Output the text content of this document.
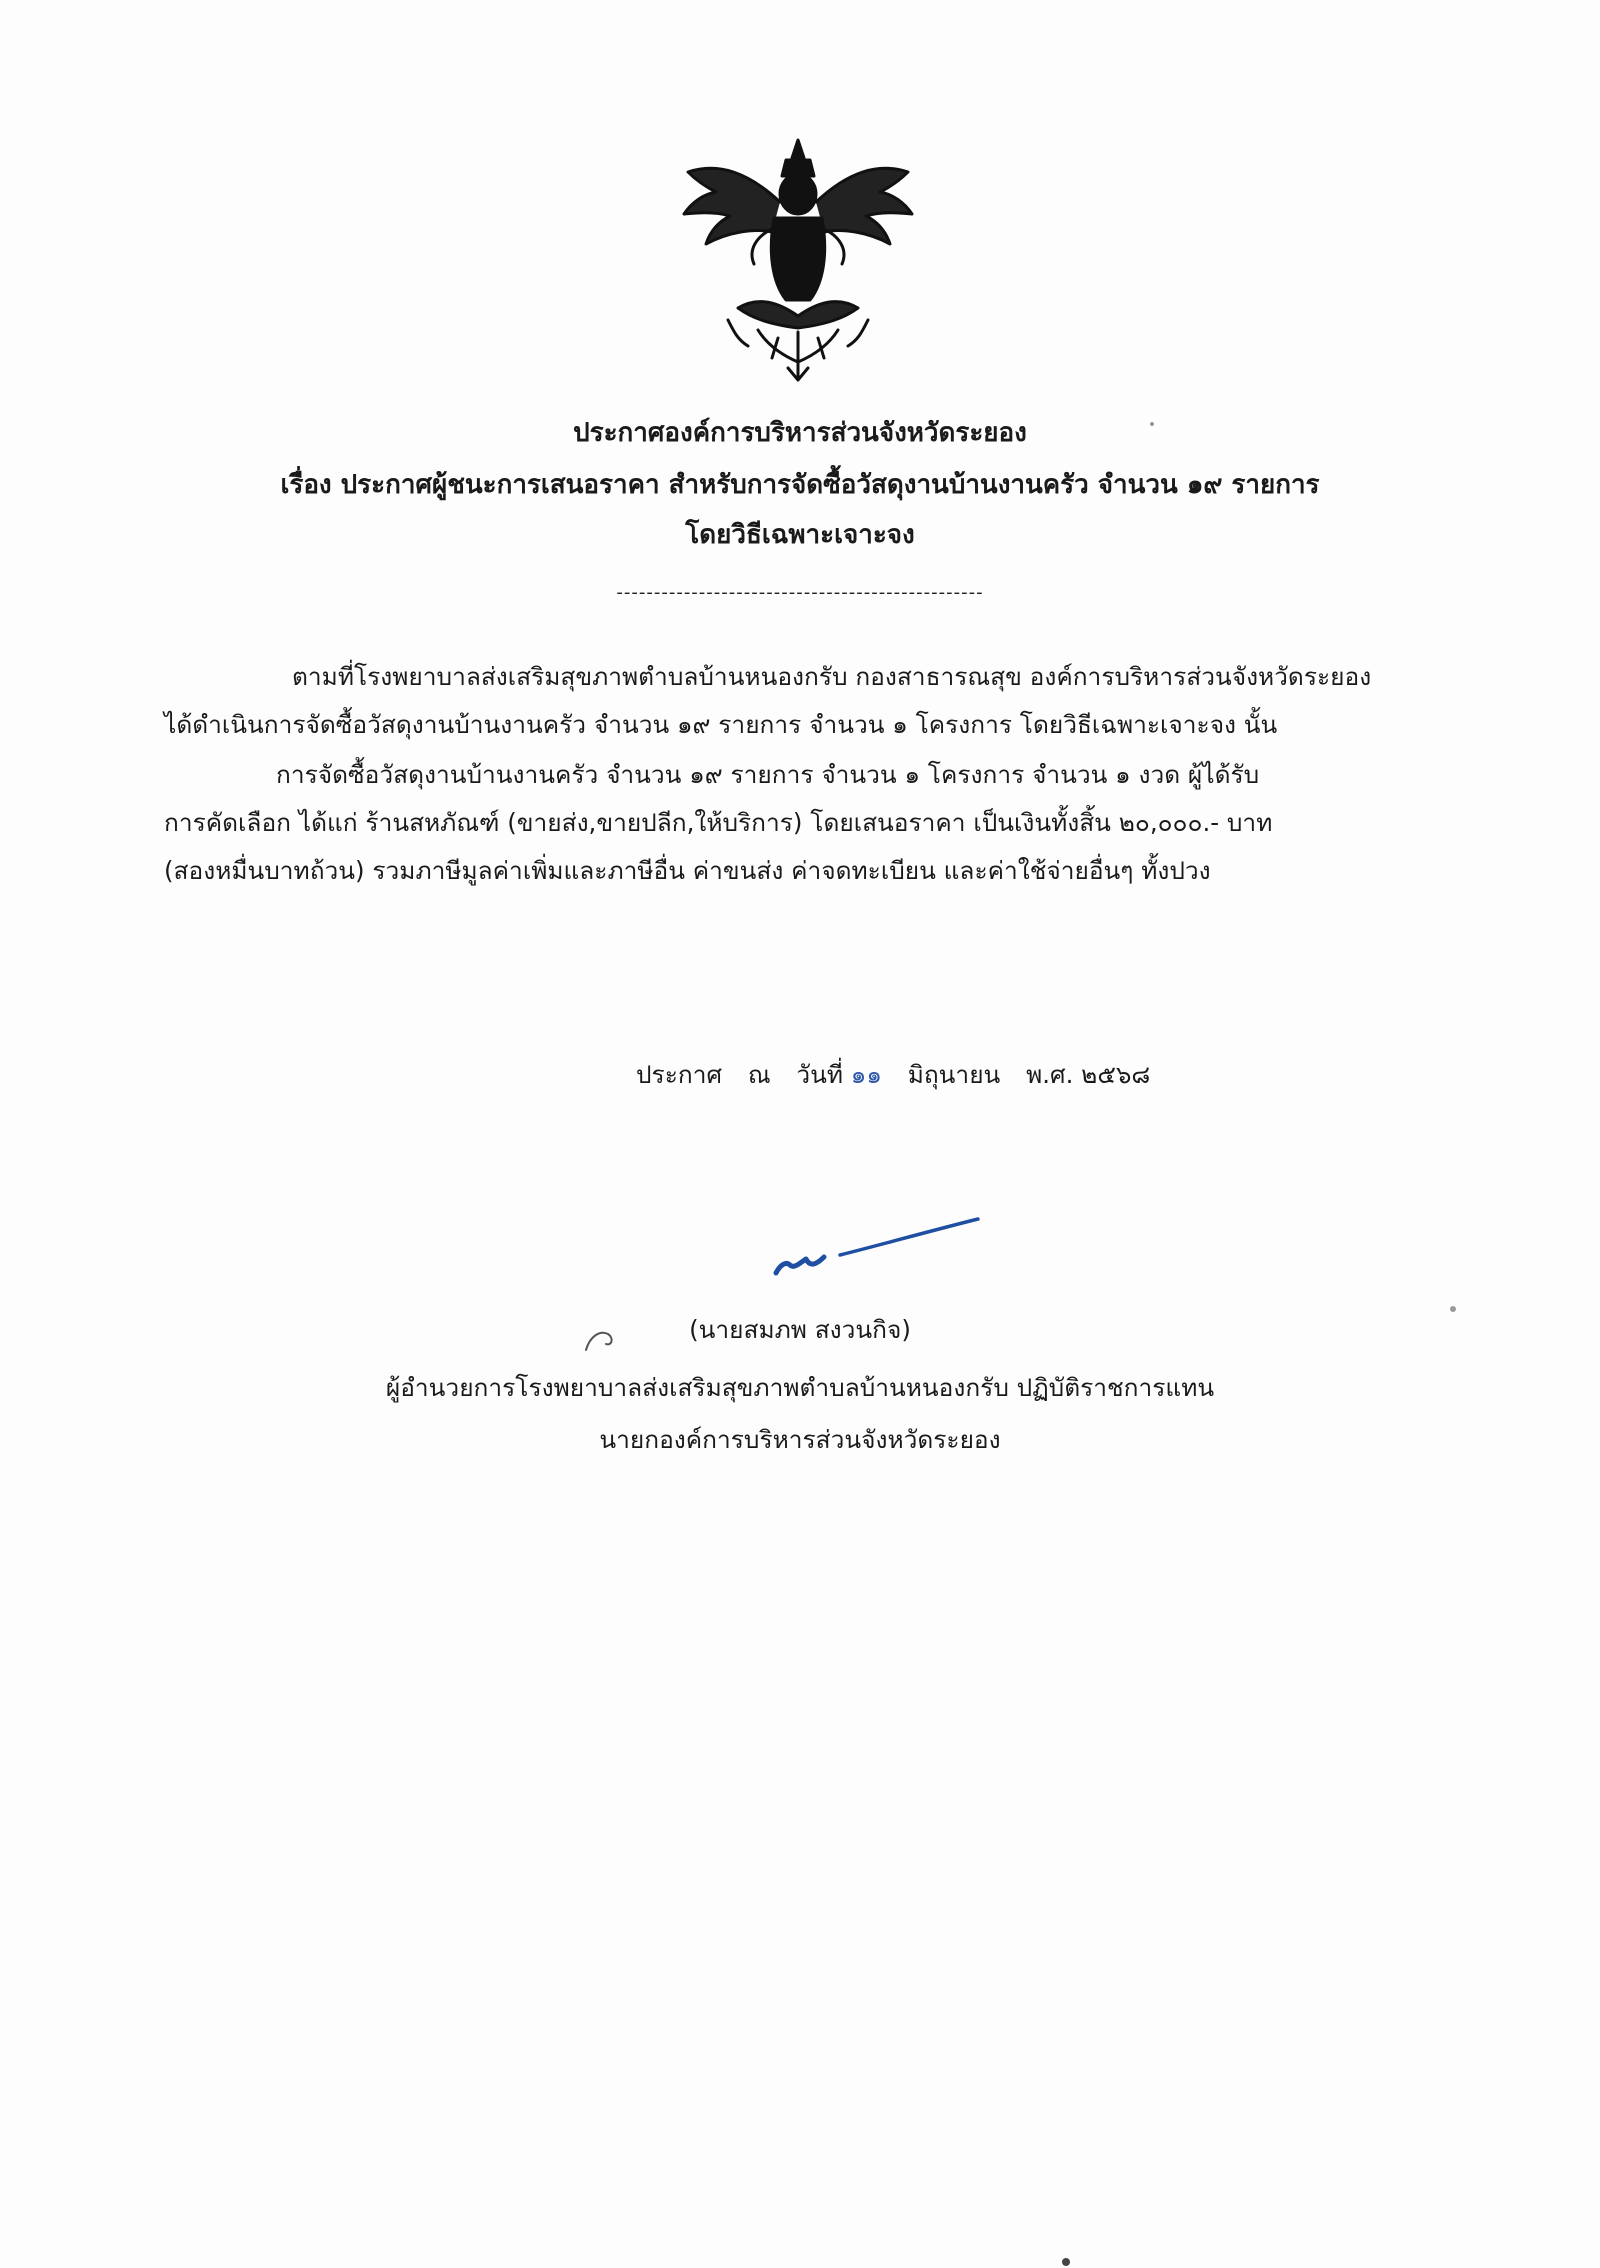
ประกาศองค์การบริหารส่วนจังหวัดระยอง
เรื่อง ประกาศผู้ชนะการเสนอราคา สำหรับการจัดซื้อวัสดุงานบ้านงานครัว จำนวน ๑๙ รายการ
โดยวิธีเฉพาะเจาะจง
-------------------------------------------------
ตามที่โรงพยาบาลส่งเสริมสุขภาพตำบลบ้านหนองกรับ กองสาธารณสุข องค์การบริหารส่วนจังหวัดระยอง
ได้ดำเนินการจัดซื้อวัสดุงานบ้านงานครัว จำนวน ๑๙ รายการ จำนวน ๑ โครงการ โดยวิธีเฉพาะเจาะจง นั้น
การจัดซื้อวัสดุงานบ้านงานครัว จำนวน ๑๙ รายการ จำนวน ๑ โครงการ จำนวน ๑ งวด ผู้ได้รับ
การคัดเลือก ได้แก่ ร้านสหภัณฑ์ (ขายส่ง,ขายปลีก,ให้บริการ) โดยเสนอราคา เป็นเงินทั้งสิ้น ๒๐,๐๐๐.- บาท
(สองหมื่นบาทถ้วน) รวมภาษีมูลค่าเพิ่มและภาษีอื่น ค่าขนส่ง ค่าจดทะเบียน และค่าใช้จ่ายอื่นๆ ทั้งปวง
ประกาศ ณ วันที่ ๑๑ มิถุนายน พ.ศ. ๒๕๖๘
(นายสมภพ สงวนกิจ)
ผู้อำนวยการโรงพยาบาลส่งเสริมสุขภาพตำบลบ้านหนองกรับ ปฏิบัติราชการแทน
นายกองค์การบริหารส่วนจังหวัดระยอง
